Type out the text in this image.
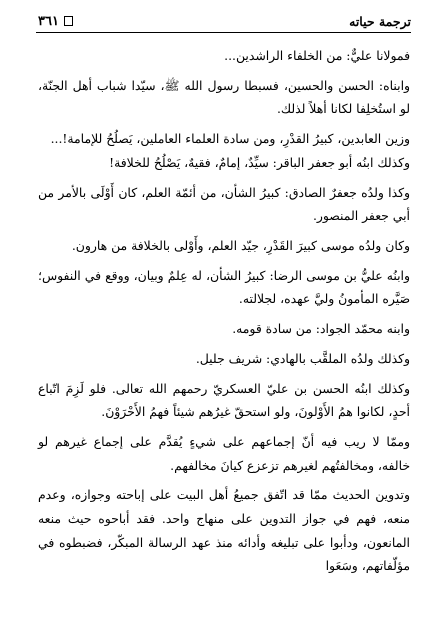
ترجمة حياته
٣٦١

فمولانا عليٌّ: من الخلفاء الراشدين...

وابناه: الحسن والحسين، فسبطا رسول الله ﷺ، سيّدا شباب أهل الجنّة، لو استُخلِفا لكانا أهلاً لذلك.

وزين العابدين، كبيرُ القدْرِ، ومن سادة العلماء العاملين، يَصلُحُ للإمامة!...

وكذلك ابنُه أبو جعفر الباقر: سيِّدٌ، إمامٌ، فقيهٌ، يَصْلُحُ للخلافة!

وكذا ولدُه جعفرٌ الصادق: كبيرُ الشأن، من أئمّة العلم، كان أَوْلَى بالأمر من أبي جعفر المنصور.

وكان ولدُه موسى كبيرَ القَدْرِ، جيّد العلم، وأَوْلى بالخلافة من هارون.

وابنُه عليُّ بن موسى الرضا: كبيرُ الشأن، له عِلمٌ وبيان، ووقع في النفوس؛ صَيَّره المأمونُ وليَّ عهده، لجلالته.

وابنه محمّد الجواد: من سادة قومه.

وكذلك ولدُه الملقَّب بالهادي: شريف جليل.

وكذلك ابنُه الحسن بن عليّ العسكريّ رحمهم الله تعالى. فلو لَزِمَ اتّباع أحدٍ، لكانوا همُ الأَوْلونَ، ولو استحقّ غيرُهم شيئاً فهمُ الأَحْرَوْنَ.

وممّا لا ريب فيه أنّ إجماعهم على شيءٍ يُقدَّم على إجماع غيرهم لو خالفه، ومخالفتُهم لغيرهم تزعزع كيانَ مخالفهم.

وتدوين الحديث ممّا قد اتّفق جميعُ أهل البيت على إباحته وجوازه، وعدم منعه، فهم في جواز التدوين على منهاج واحد. فقد أباحوه حيث منعه المانعون، ودأبوا على تبليغه وأدائه منذ عهد الرسالة المبكّر، فضبطوه في مؤلّفاتهم، وسَعَوا
